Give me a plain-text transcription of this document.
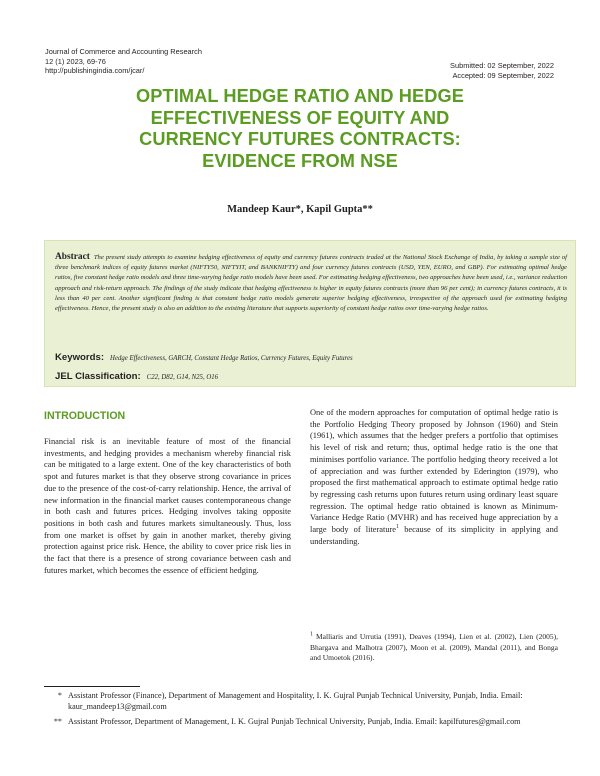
Journal of Commerce and Accounting Research
12 (1) 2023, 69-76
http://publishingindia.com/jcar/
Submitted: 02 September, 2022
Accepted: 09 September, 2022
OPTIMAL HEDGE RATIO AND HEDGE
EFFECTIVENESS OF EQUITY AND
CURRENCY FUTURES CONTRACTS:
EVIDENCE FROM NSE
Mandeep Kaur*, Kapil Gupta**
Abstract The present study attempts to examine hedging effectiveness of equity and currency futures contracts traded at the National Stock Exchange of India, by taking a sample size of three benchmark indices of equity futures market (NIFTY50, NIFTYIT, and BANKNIFTY) and four currency futures contracts (USD, YEN, EURO, and GBP). For estimating optimal hedge ratios, five constant hedge ratio models and three time-varying hedge ratio models have been used. For estimating hedging effectiveness, two approaches have been used, i.e., variance reduction approach and risk-return approach. The findings of the study indicate that hedging effectiveness is higher in equity futures contracts (more than 96 per cent); in currency futures contracts, it is less than 40 per cent. Another significant finding is that constant hedge ratio models generate superior hedging effectiveness, irrespective of the approach used for estimating hedging effectiveness. Hence, the present study is also an addition to the existing literature that supports superiority of constant hedge ratios over time-varying hedge ratios.
Keywords: Hedge Effectiveness, GARCH, Constant Hedge Ratios, Currency Futures, Equity Futures
JEL Classification: C22, D82, G14, N25, O16
INTRODUCTION
Financial risk is an inevitable feature of most of the financial investments, and hedging provides a mechanism whereby financial risk can be mitigated to a large extent. One of the key characteristics of both spot and futures market is that they observe strong covariance in prices due to the presence of the cost-of-carry relationship. Hence, the arrival of new information in the financial market causes contemporaneous change in both cash and futures prices. Hedging involves taking opposite positions in both cash and futures markets simultaneously. Thus, loss from one market is offset by gain in another market, thereby giving protection against price risk. Hence, the ability to cover price risk lies in the fact that there is a presence of strong covariance between cash and futures market, which becomes the essence of efficient hedging.
One of the modern approaches for computation of optimal hedge ratio is the Portfolio Hedging Theory proposed by Johnson (1960) and Stein (1961), which assumes that the hedger prefers a portfolio that optimises his level of risk and return; thus, optimal hedge ratio is the one that minimises portfolio variance. The portfolio hedging theory received a lot of appreciation and was further extended by Ederington (1979), who proposed the first mathematical approach to estimate optimal hedge ratio by regressing cash returns upon futures return using ordinary least square regression. The optimal hedge ratio obtained is known as Minimum-Variance Hedge Ratio (MVHR) and has received huge appreciation by a large body of literature$^1$ because of its simplicity in applying and understanding.
$^1$ Malliaris and Urrutia (1991), Deaves (1994), Lien et al. (2002), Lien (2005), Bhargava and Malhotra (2007), Moon et al. (2009), Mandal (2011), and Bonga and Umoetok (2016).
* Assistant Professor (Finance), Department of Management and Hospitality, I. K. Gujral Punjab Technical University, Punjab, India. Email: kaur_mandeep13@gmail.com
** Assistant Professor, Department of Management, I. K. Gujral Punjab Technical University, Punjab, India. Email: kapilfutures@gmail.com
